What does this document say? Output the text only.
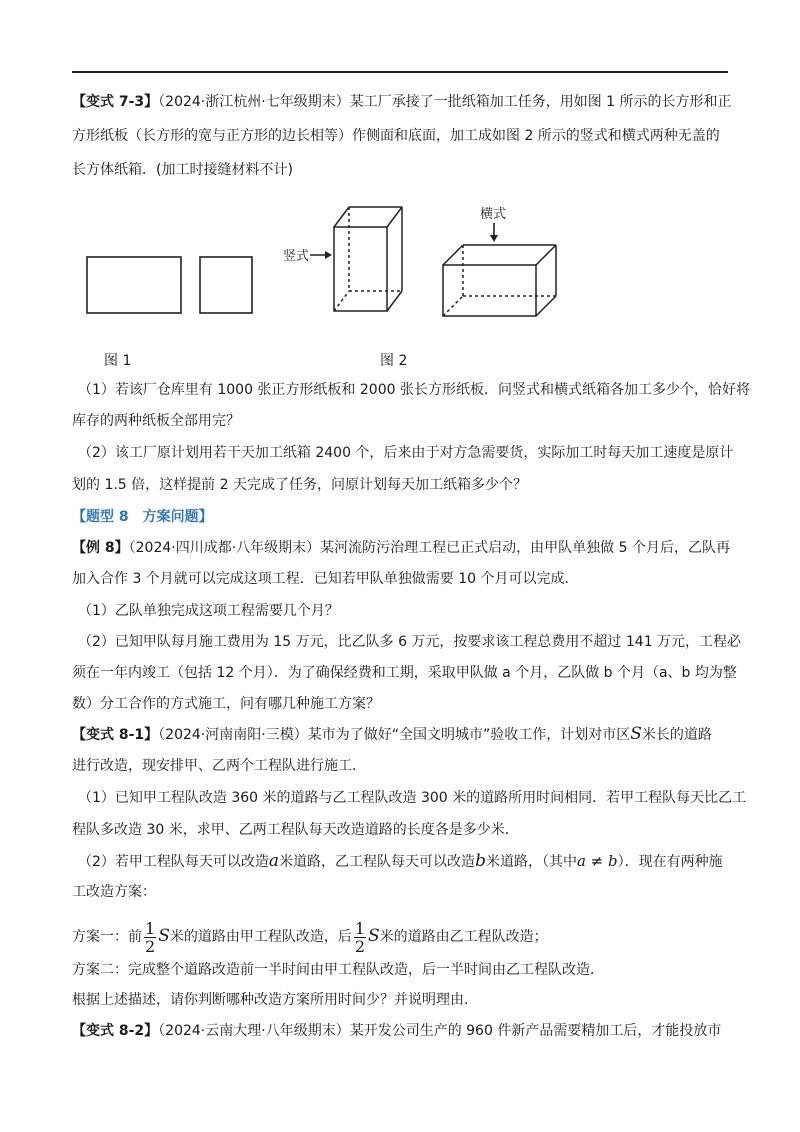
【变式 7-3】（2024·浙江杭州·七年级期末）某工厂承接了一批纸箱加工任务，用如图 1 所示的长方形和正
方形纸板（长方形的宽与正方形的边长相等）作侧面和底面，加工成如图 2 所示的竖式和横式两种无盖的
长方体纸箱．(加工时接缝材料不计)
竖式
横式
图 1	图 2
（1）若该厂仓库里有 1000 张正方形纸板和 2000 张长方形纸板．问竖式和横式纸箱各加工多少个，恰好将
库存的两种纸板全部用完？
（2）该工厂原计划用若干天加工纸箱 2400 个，后来由于对方急需要货，实际加工时每天加工速度是原计
划的 1.5 倍，这样提前 2 天完成了任务，问原计划每天加工纸箱多少个？
【题型 8　方案问题】
【例 8】（2024·四川成都·八年级期末）某河流防污治理工程已正式启动，由甲队单独做 5 个月后，乙队再
加入合作 3 个月就可以完成这项工程．已知若甲队单独做需要 10 个月可以完成．
（1）乙队单独完成这项工程需要几个月？
（2）已知甲队每月施工费用为 15 万元，比乙队多 6 万元，按要求该工程总费用不超过 141 万元，工程必
须在一年内竣工（包括 12 个月）．为了确保经费和工期，采取甲队做 a 个月，乙队做 b 个月（a、b 均为整
数）分工合作的方式施工，问有哪几种施工方案？
【变式 8-1】（2024·河南南阳·三模）某市为了做好“全国文明城市”验收工作，计划对市区S米长的道路
进行改造，现安排甲、乙两个工程队进行施工．
（1）已知甲工程队改造 360 米的道路与乙工程队改造 300 米的道路所用时间相同．若甲工程队每天比乙工
程队多改造 30 米，求甲、乙两工程队每天改造道路的长度各是多少米．
（2）若甲工程队每天可以改造a米道路，乙工程队每天可以改造b米道路，（其中a ≠ b）．现在有两种施
工改造方案：
方案一：前 $\frac{1}{2}$ S米的道路由甲工程队改造，后 $\frac{1}{2}$ S米的道路由乙工程队改造；
方案二：完成整个道路改造前一半时间由甲工程队改造，后一半时间由乙工程队改造．
根据上述描述，请你判断哪种改造方案所用时间少？并说明理由．
【变式 8-2】（2024·云南大理·八年级期末）某开发公司生产的 960 件新产品需要精加工后，才能投放市
